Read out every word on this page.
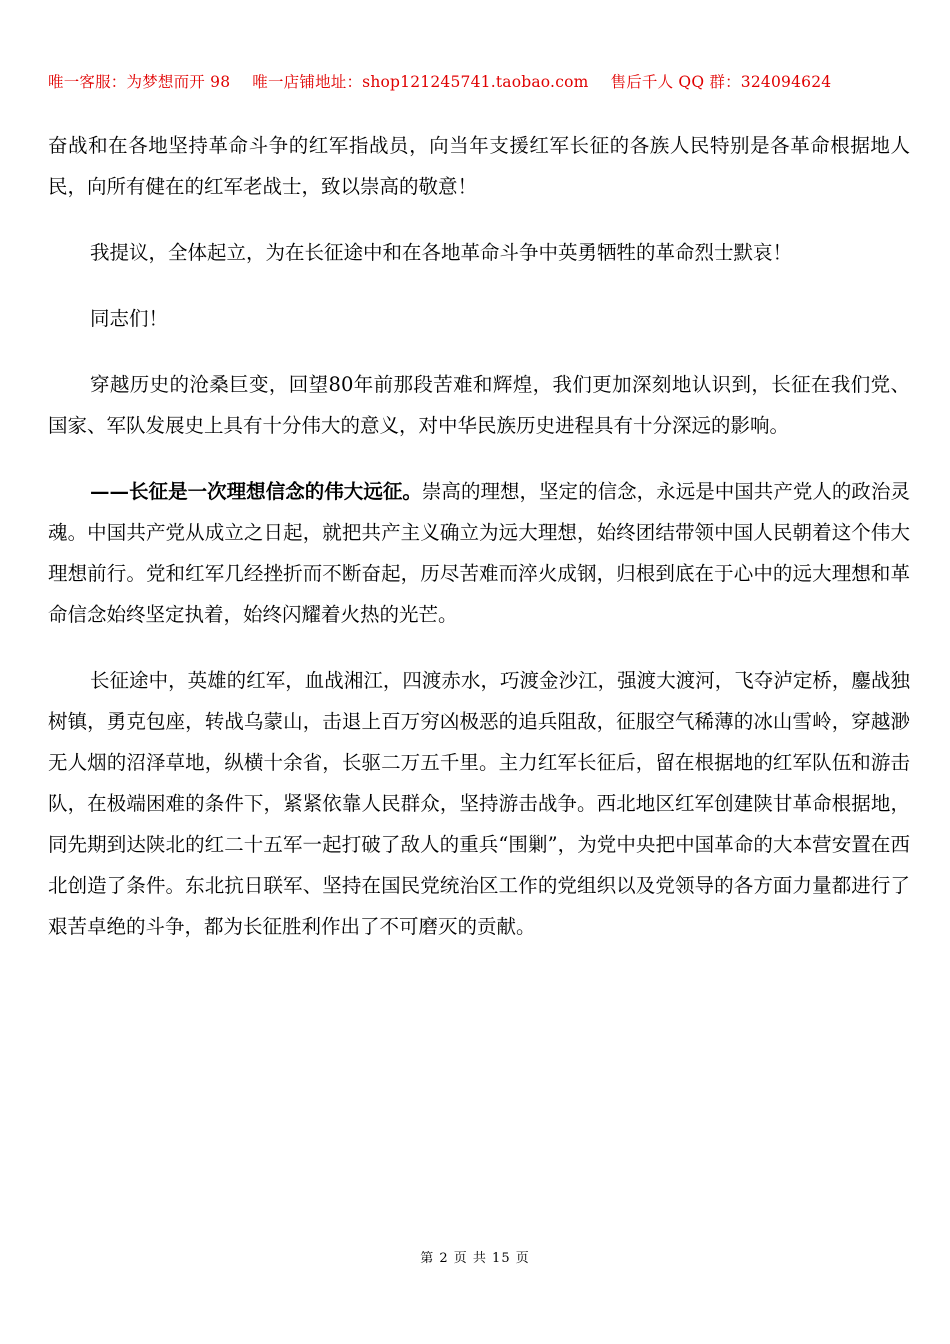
唯一客服：为梦想而开 98 唯一店铺地址：shop121245741.taobao.com 售后千人 QQ 群：324094624

奋战和在各地坚持革命斗争的红军指战员，向当年支援红军长征的各族人民特别是各革命根据地人民，向所有健在的红军老战士，致以崇高的敬意！

我提议，全体起立，为在长征途中和在各地革命斗争中英勇牺牲的革命烈士默哀！

同志们！

穿越历史的沧桑巨变，回望80年前那段苦难和辉煌，我们更加深刻地认识到，长征在我们党、国家、军队发展史上具有十分伟大的意义，对中华民族历史进程具有十分深远的影响。

——长征是一次理想信念的伟大远征。崇高的理想，坚定的信念，永远是中国共产党人的政治灵魂。中国共产党从成立之日起，就把共产主义确立为远大理想，始终团结带领中国人民朝着这个伟大理想前行。党和红军几经挫折而不断奋起，历尽苦难而淬火成钢，归根到底在于心中的远大理想和革命信念始终坚定执着，始终闪耀着火热的光芒。

长征途中，英雄的红军，血战湘江，四渡赤水，巧渡金沙江，强渡大渡河，飞夺泸定桥，鏖战独树镇，勇克包座，转战乌蒙山，击退上百万穷凶极恶的追兵阻敌，征服空气稀薄的冰山雪岭，穿越渺无人烟的沼泽草地，纵横十余省，长驱二万五千里。主力红军长征后，留在根据地的红军队伍和游击队，在极端困难的条件下，紧紧依靠人民群众，坚持游击战争。西北地区红军创建陕甘革命根据地，同先期到达陕北的红二十五军一起打破了敌人的重兵“围剿”，为党中央把中国革命的大本营安置在西北创造了条件。东北抗日联军、坚持在国民党统治区工作的党组织以及党领导的各方面力量都进行了艰苦卓绝的斗争，都为长征胜利作出了不可磨灭的贡献。

第 2 页 共 15 页
